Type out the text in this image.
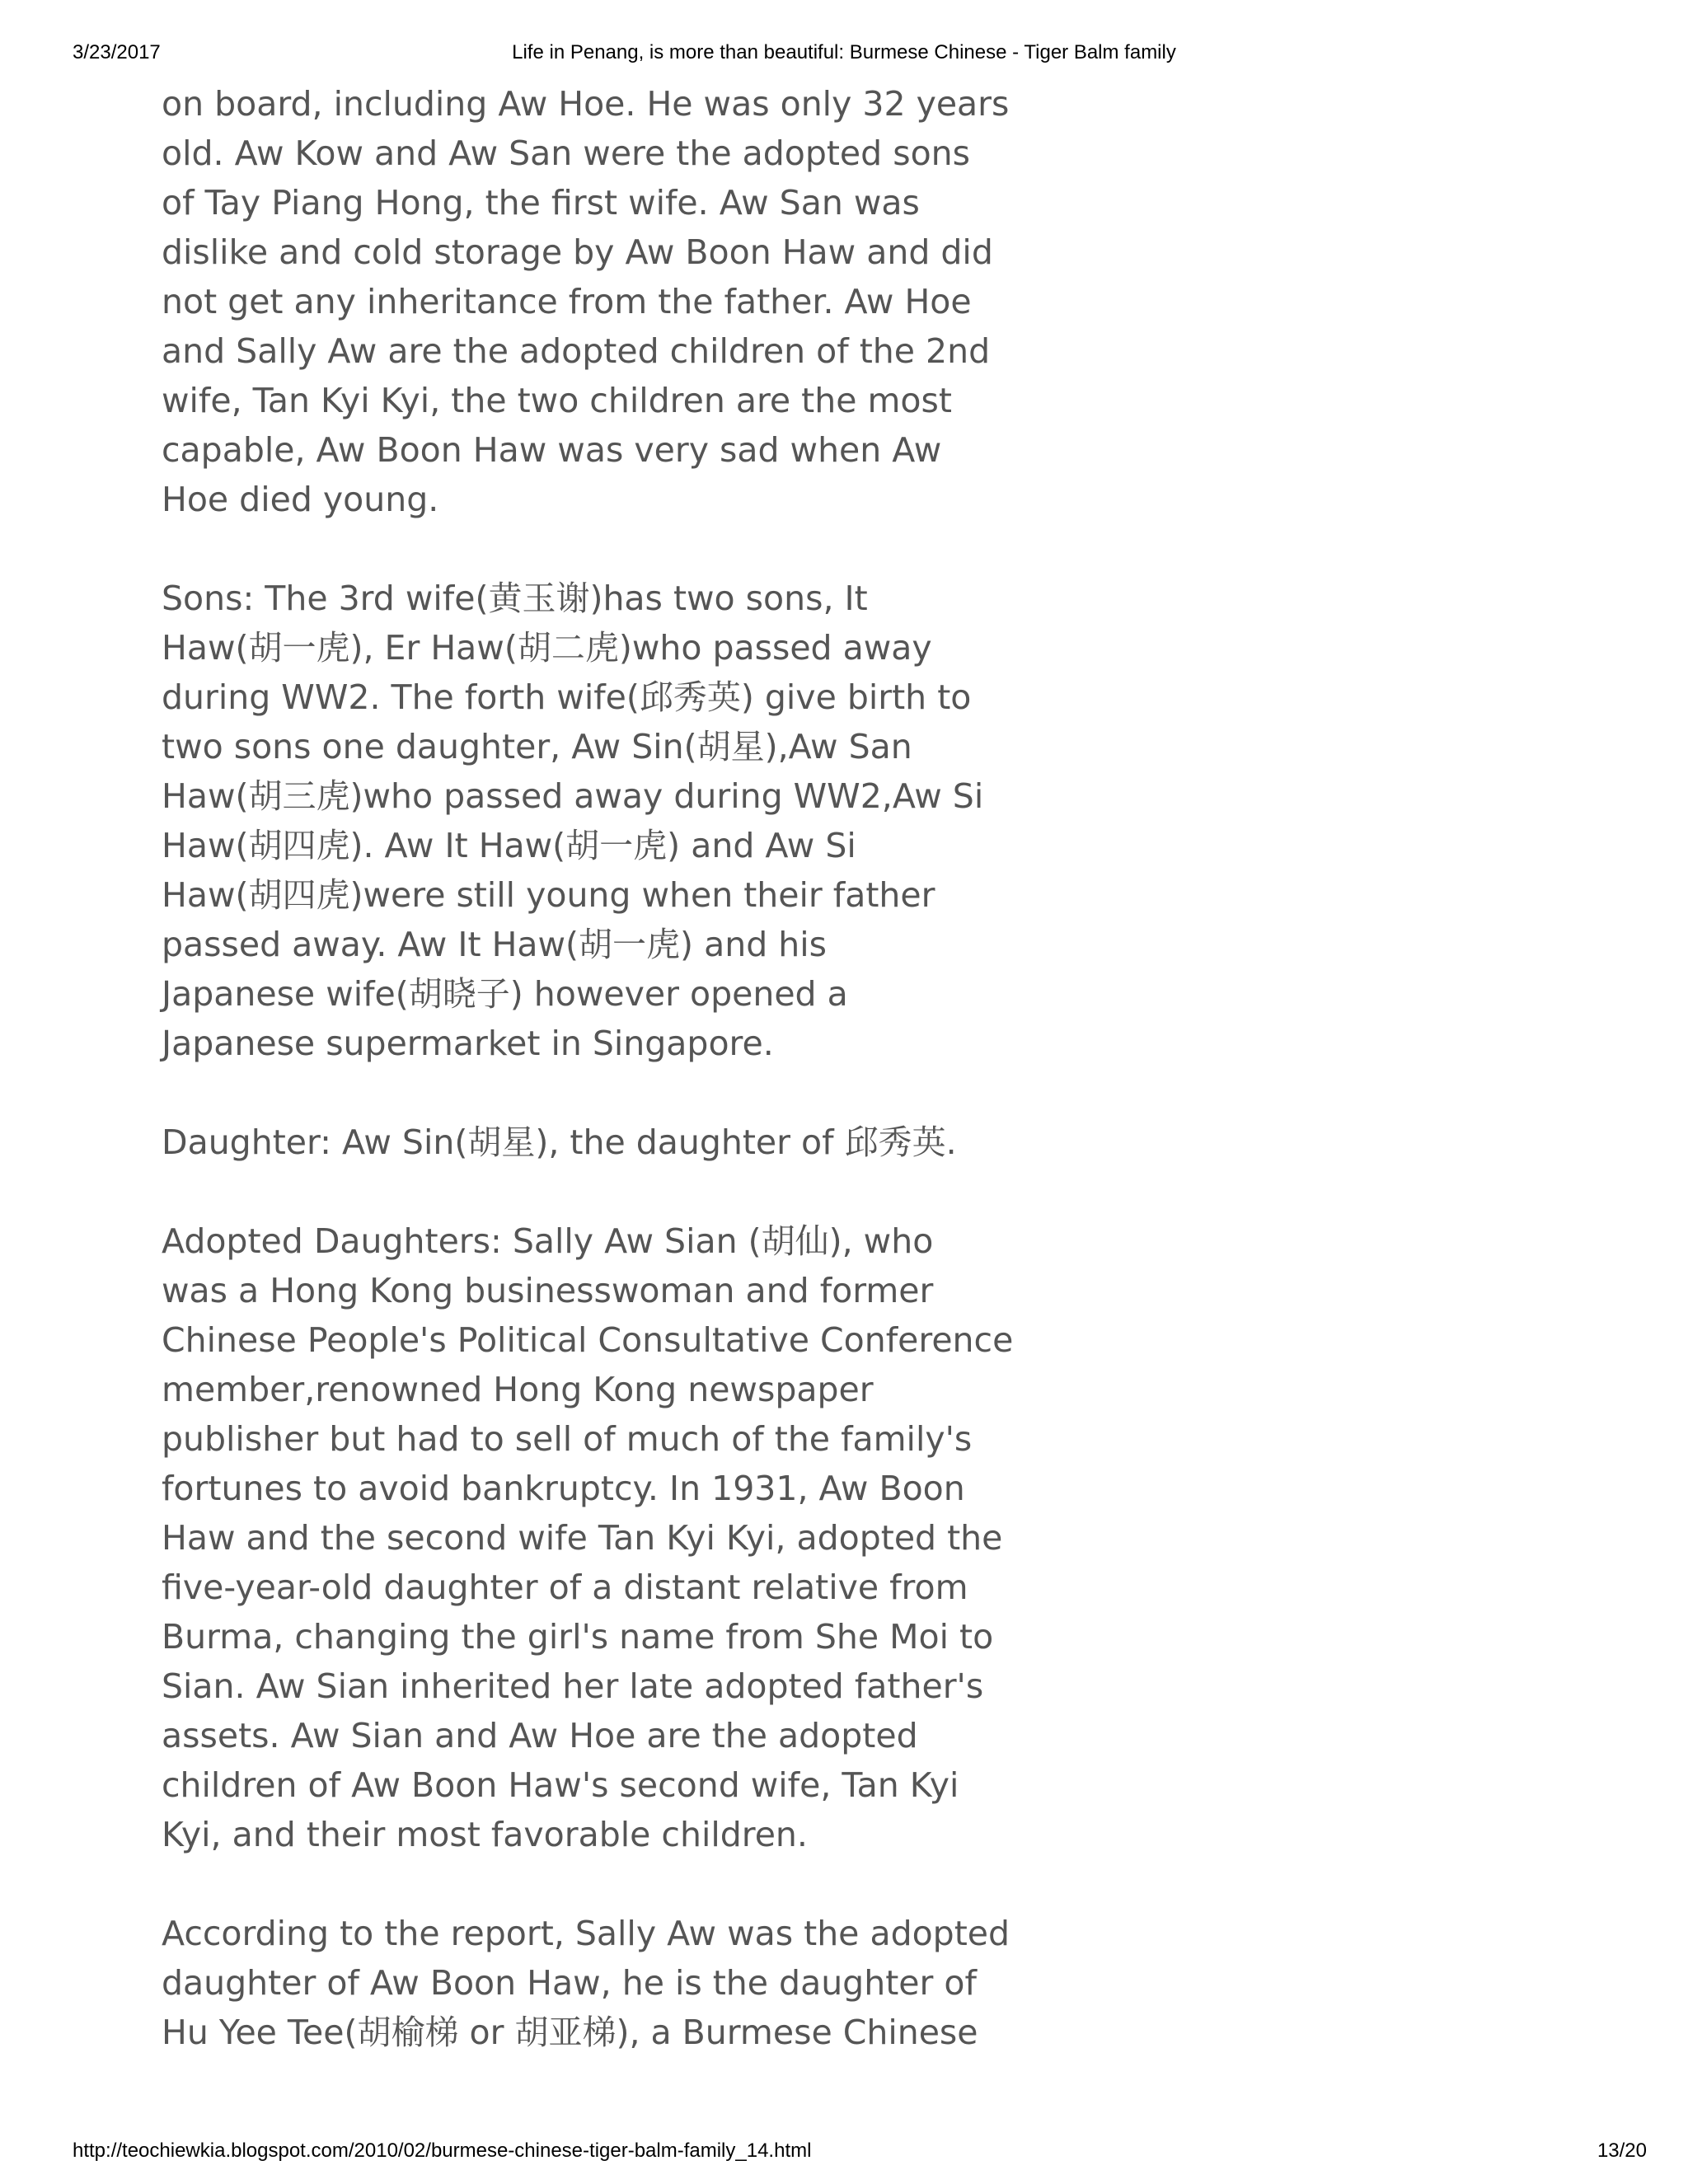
3/23/2017	Life in Penang, is more than beautiful: Burmese Chinese - Tiger Balm family
on board, including Aw Hoe. He was only 32 years
old. Aw Kow and Aw San were the adopted sons
of Tay Piang Hong, the first wife. Aw San was
dislike and cold storage by Aw Boon Haw and did
not get any inheritance from the father. Aw Hoe
and Sally Aw are the adopted children of the 2nd
wife, Tan Kyi Kyi, the two children are the most
capable, Aw Boon Haw was very sad when Aw
Hoe died young.
Sons: The 3rd wife(黄玉谢)has two sons, It
Haw(胡一虎), Er Haw(胡二虎)who passed away
during WW2. The forth wife(邱秀英) give birth to
two sons one daughter, Aw Sin(胡星),Aw San
Haw(胡三虎)who passed away during WW2,Aw Si
Haw(胡四虎). Aw It Haw(胡一虎) and Aw Si
Haw(胡四虎)were still young when their father
passed away. Aw It Haw(胡一虎) and his
Japanese wife(胡晓子) however opened a
Japanese supermarket in Singapore.
Daughter: Aw Sin(胡星), the daughter of 邱秀英.
Adopted Daughters: Sally Aw Sian (胡仙), who
was a Hong Kong businesswoman and former
Chinese People's Political Consultative Conference
member,renowned Hong Kong newspaper
publisher but had to sell of much of the family's
fortunes to avoid bankruptcy. In 1931, Aw Boon
Haw and the second wife Tan Kyi Kyi, adopted the
five-year-old daughter of a distant relative from
Burma, changing the girl's name from She Moi to
Sian. Aw Sian inherited her late adopted father's
assets. Aw Sian and Aw Hoe are the adopted
children of Aw Boon Haw's second wife, Tan Kyi
Kyi, and their most favorable children.
According to the report, Sally Aw was the adopted
daughter of Aw Boon Haw, he is the daughter of
Hu Yee Tee(胡榆梯 or 胡亚梯), a Burmese Chinese
http://teochiewkia.blogspot.com/2010/02/burmese-chinese-tiger-balm-family_14.html	13/20
